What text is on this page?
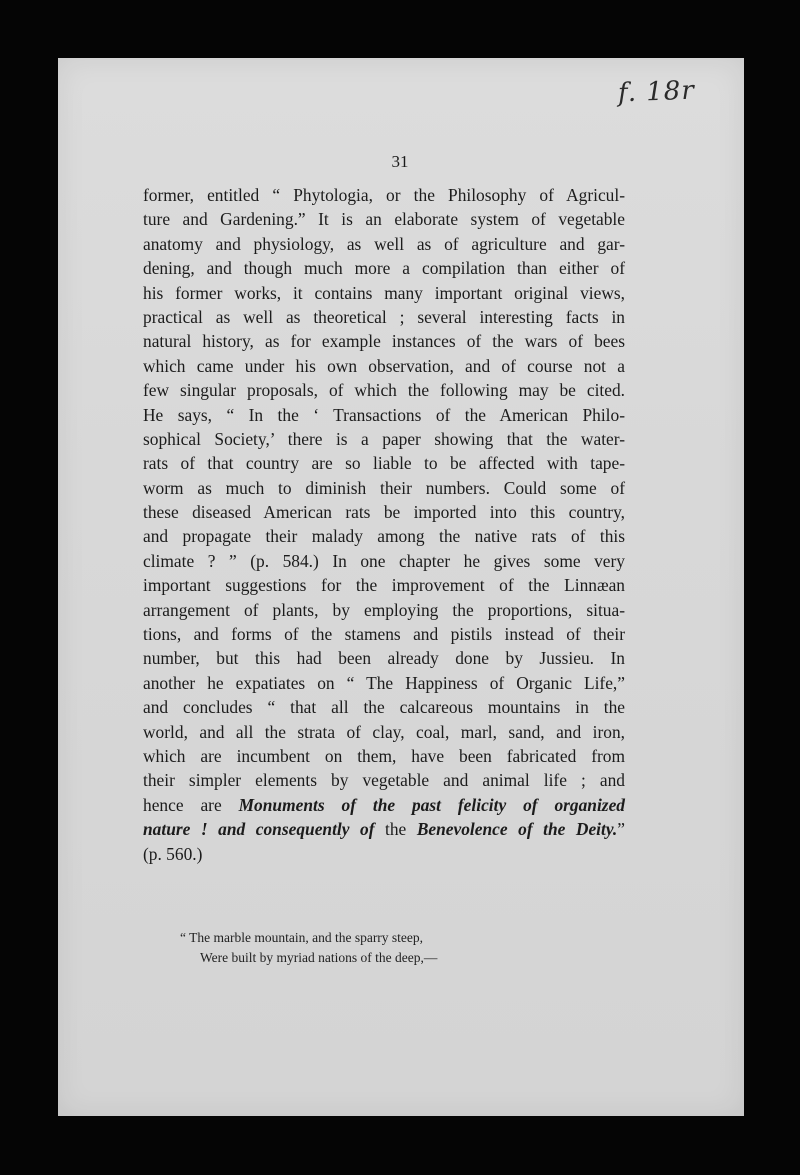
f. 18r
31
former, entitled “ Phytologia, or the Philosophy of Agricul-
ture and Gardening.” It is an elaborate system of vegetable
anatomy and physiology, as well as of agriculture and gar-
dening, and though much more a compilation than either of
his former works, it contains many important original views,
practical as well as theoretical ; several interesting facts in
natural history, as for example instances of the wars of bees
which came under his own observation, and of course not a
few singular proposals, of which the following may be cited.
He says, “ In the ‘ Transactions of the American Philo-
sophical Society,’ there is a paper showing that the water-
rats of that country are so liable to be affected with tape-
worm as much to diminish their numbers. Could some of
these diseased American rats be imported into this country,
and propagate their malady among the native rats of this
climate ? ” (p. 584.) In one chapter he gives some very
important suggestions for the improvement of the Linnæan
arrangement of plants, by employing the proportions, situa-
tions, and forms of the stamens and pistils instead of their
number, but this had been already done by Jussieu. In
another he expatiates on “ The Happiness of Organic Life,”
and concludes “ that all the calcareous mountains in the
world, and all the strata of clay, coal, marl, sand, and iron,
which are incumbent on them, have been fabricated from
their simpler elements by vegetable and animal life ; and
hence are Monuments of the past felicity of organized
nature ! and consequently of the Benevolence of the Deity.”
(p. 560.)
“ The marble mountain, and the sparry steep,
Were built by myriad nations of the deep,—
